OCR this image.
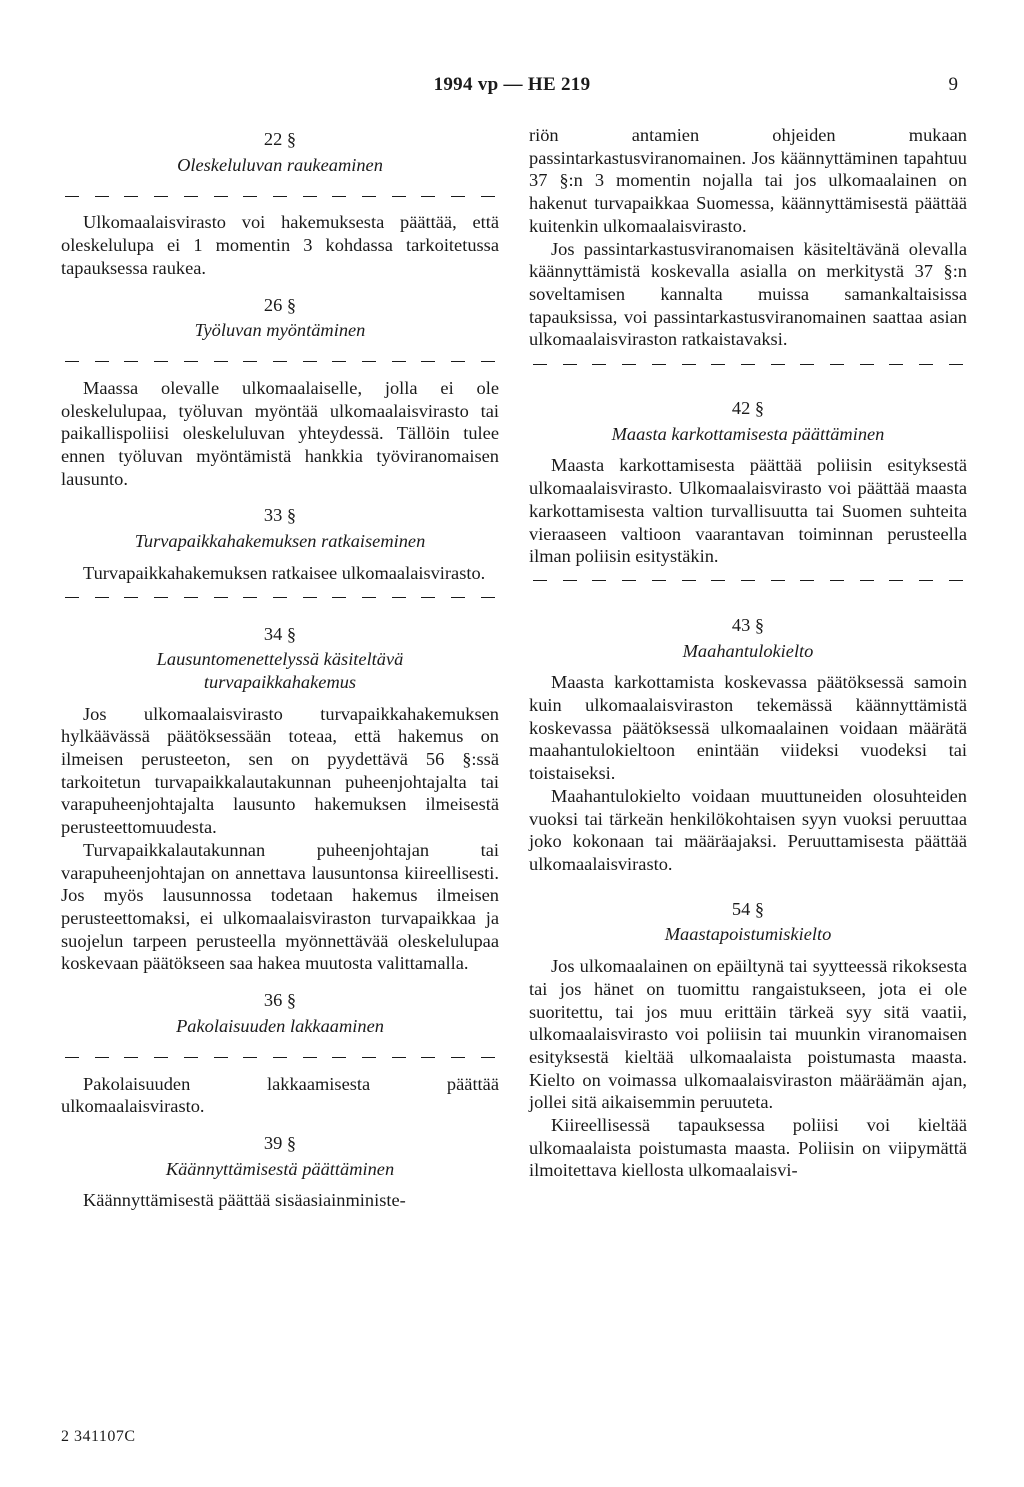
1994 vp — HE 219	9
22 §
Oleskeluluvan raukeaminen

Ulkomaalaisvirasto voi hakemuksesta päättää, että oleskelulupa ei 1 momentin 3 kohdassa tarkoitetussa tapauksessa raukea.

26 §
Työluvan myöntäminen

Maassa olevalle ulkomaalaiselle, jolla ei ole oleskelulupaa, työluvan myöntää ulkomaalaisvirasto tai paikallispoliisi oleskeluluvan yhteydessä. Tällöin tulee ennen työluvan myöntämistä hankkia työviranomaisen lausunto.

33 §
Turvapaikkahakemuksen ratkaiseminen

Turvapaikkahakemuksen ratkaisee ulkomaalaisvirasto.

34 §
Lausuntomenettelyssä käsiteltävä turvapaikkahakemus

Jos ulkomaalaisvirasto turvapaikkahakemuksen hylkäävässä päätöksessään toteaa, että hakemus on ilmeisen perusteeton, sen on pyydettävä 56 §:ssä tarkoitetun turvapaikkalautakunnan puheenjohtajalta tai varapuheenjohtajalta lausunto hakemuksen ilmeisestä perusteettomuudesta.

Turvapaikkalautakunnan puheenjohtajan tai varapuheenjohtajan on annettava lausuntonsa kiireellisesti. Jos myös lausunnossa todetaan hakemus ilmeisen perusteettomaksi, ei ulkomaalaisviraston turvapaikkaa ja suojelun tarpeen perusteella myönnettävää oleskelulupaa koskevaan päätökseen saa hakea muutosta valittamalla.

36 §
Pakolaisuuden lakkaaminen

Pakolaisuuden lakkaamisesta päättää ulkomaalaisvirasto.

39 §
Käännyttämisestä päättäminen

Käännyttämisestä päättää sisäasiainministe-

riön antamien ohjeiden mukaan passintarkastusviranomainen. Jos käännyttäminen tapahtuu 37 §:n 3 momentin nojalla tai jos ulkomaalainen on hakenut turvapaikkaa Suomessa, käännyttämisestä päättää kuitenkin ulkomaalaisvirasto.

Jos passintarkastusviranomaisen käsiteltävänä olevalla käännyttämistä koskevalla asialla on merkitystä 37 §:n soveltamisen kannalta muissa samankaltaisissa tapauksissa, voi passintarkastusviranomainen saattaa asian ulkomaalaisviraston ratkaistavaksi.

42 §
Maasta karkottamisesta päättäminen

Maasta karkottamisesta päättää poliisin esityksestä ulkomaalaisvirasto. Ulkomaalaisvirasto voi päättää maasta karkottamisesta valtion turvallisuutta tai Suomen suhteita vieraaseen valtioon vaarantavan toiminnan perusteella ilman poliisin esitystäkin.

43 §
Maahantulokielto

Maasta karkottamista koskevassa päätöksessä samoin kuin ulkomaalaisviraston tekemässä käännyttämistä koskevassa päätöksessä ulkomaalainen voidaan määrätä maahantulokieltoon enintään viideksi vuodeksi tai toistaiseksi.

Maahantulokielto voidaan muuttuneiden olosuhteiden vuoksi tai tärkeän henkilökohtaisen syyn vuoksi peruuttaa joko kokonaan tai määräajaksi. Peruuttamisesta päättää ulkomaalaisvirasto.

54 §
Maastapoistumiskielto

Jos ulkomaalainen on epäiltynä tai syytteessä rikoksesta tai jos hänet on tuomittu rangaistukseen, jota ei ole suoritettu, tai jos muu erittäin tärkeä syy sitä vaatii, ulkomaalaisvirasto voi poliisin tai muunkin viranomaisen esityksestä kieltää ulkomaalaista poistumasta maasta. Kielto on voimassa ulkomaalaisviraston määräämän ajan, jollei sitä aikaisemmin peruuteta.

Kiireellisessä tapauksessa poliisi voi kieltää ulkomaalaista poistumasta maasta. Poliisin on viipymättä ilmoitettava kiellosta ulkomaalaisvi-

2 341107C
